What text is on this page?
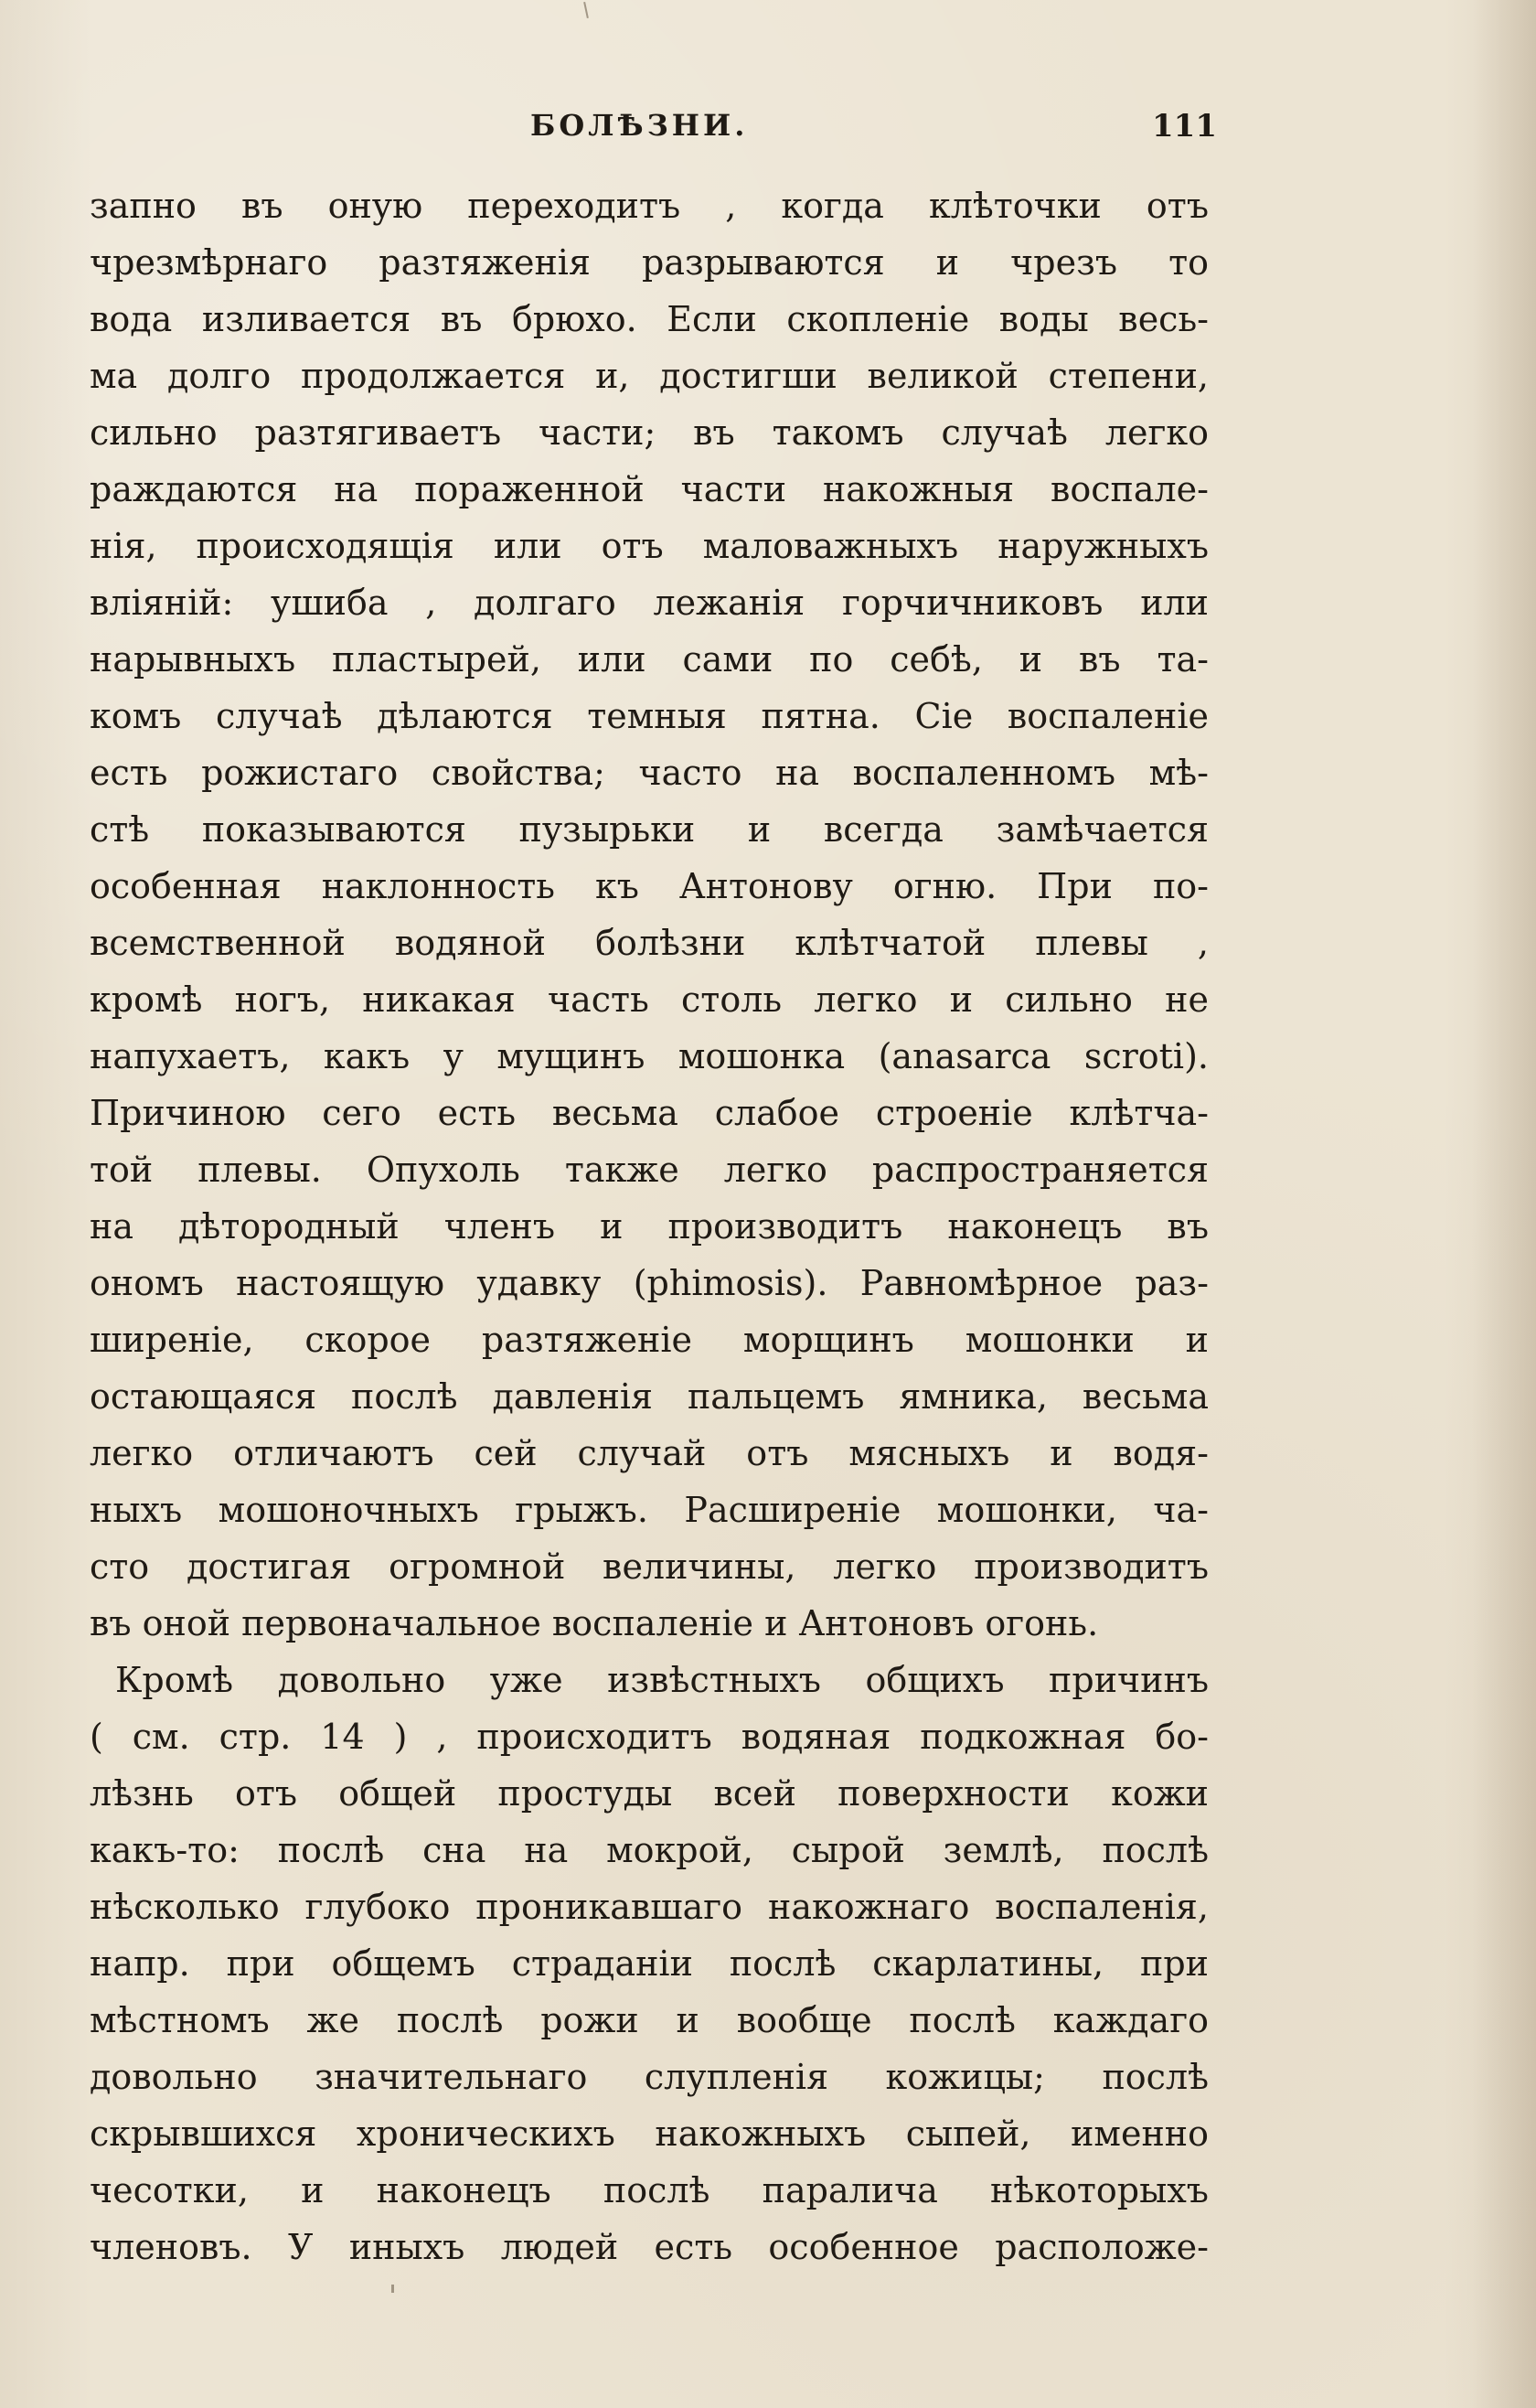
БОЛѢЗНИ.	111
запно въ оную переходитъ , когда клѣточки отъ
чрезмѣрнаго разтяженія разрываются и чрезъ то
вода изливается въ брюхо. Если скопленіе воды весь-
ма долго продолжается и, достигши великой степени,
сильно разтягиваетъ части; въ такомъ случаѣ легко
раждаются на пораженной части накожныя воспале-
нія, происходящія или отъ маловажныхъ наружныхъ
вліяній: ушиба , долгаго лежанія горчичниковъ или
нарывныхъ пластырей, или сами по себѣ, и въ та-
комъ случаѣ дѣлаются темныя пятна. Сіе воспаленіе
есть рожистаго свойства; часто на воспаленномъ мѣ-
стѣ показываются пузырьки и всегда замѣчается
особенная наклонность къ Антонову огню. При по-
всемственной водяной болѣзни клѣтчатой плевы ,
кромѣ ногъ, никакая часть столь легко и сильно не
напухаетъ, какъ у мущинъ мошонка (anasarca scroti).
Причиною сего есть весьма слабое строеніе клѣтча-
той плевы. Опухоль также легко распространяется
на дѣтородный членъ и производитъ наконецъ въ
ономъ настоящую удавку (phimosis). Равномѣрное раз-
ширеніе, скорое разтяженіе морщинъ мошонки и
остающаяся послѣ давленія пальцемъ ямника, весьма
легко отличаютъ сей случай отъ мясныхъ и водя-
ныхъ мошоночныхъ грыжъ. Расширеніе мошонки, ча-
сто достигая огромной величины, легко производитъ
въ оной первоначальное воспаленіе и Антоновъ огонь.
Кромѣ довольно уже извѣстныхъ общихъ причинъ
( см. стр. 14 ) , происходитъ водяная подкожная бо-
лѣзнь отъ общей простуды всей поверхности кожи
какъ-то: послѣ сна на мокрой, сырой землѣ, послѣ
нѣсколько глубоко проникавшаго накожнаго воспаленія,
напр. при общемъ страданіи послѣ скарлатины, при
мѣстномъ же послѣ рожи и вообще послѣ каждаго
довольно значительнаго слупленія кожицы; послѣ
скрывшихся хроническихъ накожныхъ сыпей, именно
чесотки, и наконецъ послѣ паралича нѣкоторыхъ
членовъ. У иныхъ людей есть особенное расположе-
